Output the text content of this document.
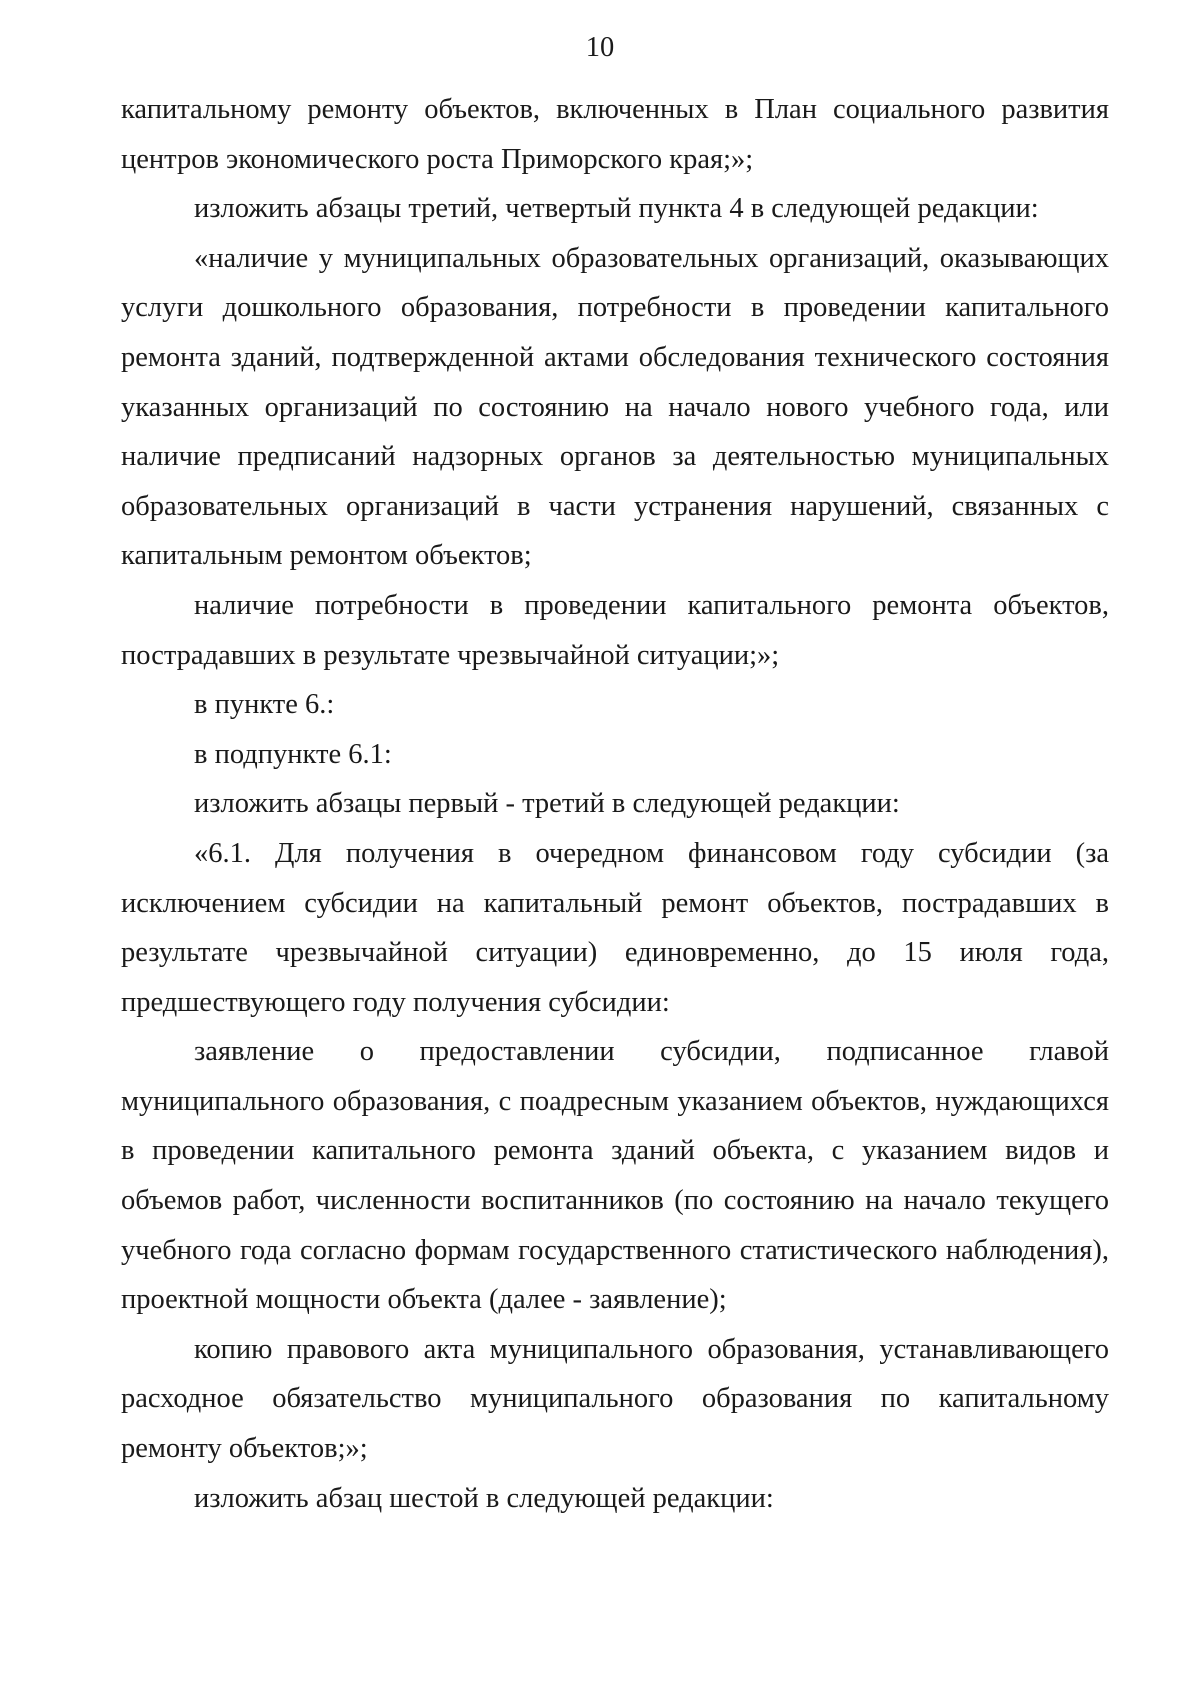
10

капитальному ремонту объектов, включенных в План социального развития центров экономического роста Приморского края;»;

изложить абзацы третий, четвертый пункта 4 в следующей редакции:

«наличие у муниципальных образовательных организаций, оказывающих услуги дошкольного образования, потребности в проведении капитального ремонта зданий, подтвержденной актами обследования технического состояния указанных организаций по состоянию на начало нового учебного года, или наличие предписаний надзорных органов за деятельностью муниципальных образовательных организаций в части устранения нарушений, связанных с капитальным ремонтом объектов;

наличие потребности в проведении капитального ремонта объектов, пострадавших в результате чрезвычайной ситуации;»;

в пункте 6.:

в подпункте 6.1:

изложить абзацы первый - третий в следующей редакции:

«6.1. Для получения в очередном финансовом году субсидии (за исключением субсидии на капитальный ремонт объектов, пострадавших в результате чрезвычайной ситуации) единовременно, до 15 июля года, предшествующего году получения субсидии:

заявление о предоставлении субсидии, подписанное главой муниципального образования, с поадресным указанием объектов, нуждающихся в проведении капитального ремонта зданий объекта, с указанием видов и объемов работ, численности воспитанников (по состоянию на начало текущего учебного года согласно формам государственного статистического наблюдения), проектной мощности объекта (далее - заявление);

копию правового акта муниципального образования, устанавливающего расходное обязательство муниципального образования по капитальному ремонту объектов;»;

изложить абзац шестой в следующей редакции:
